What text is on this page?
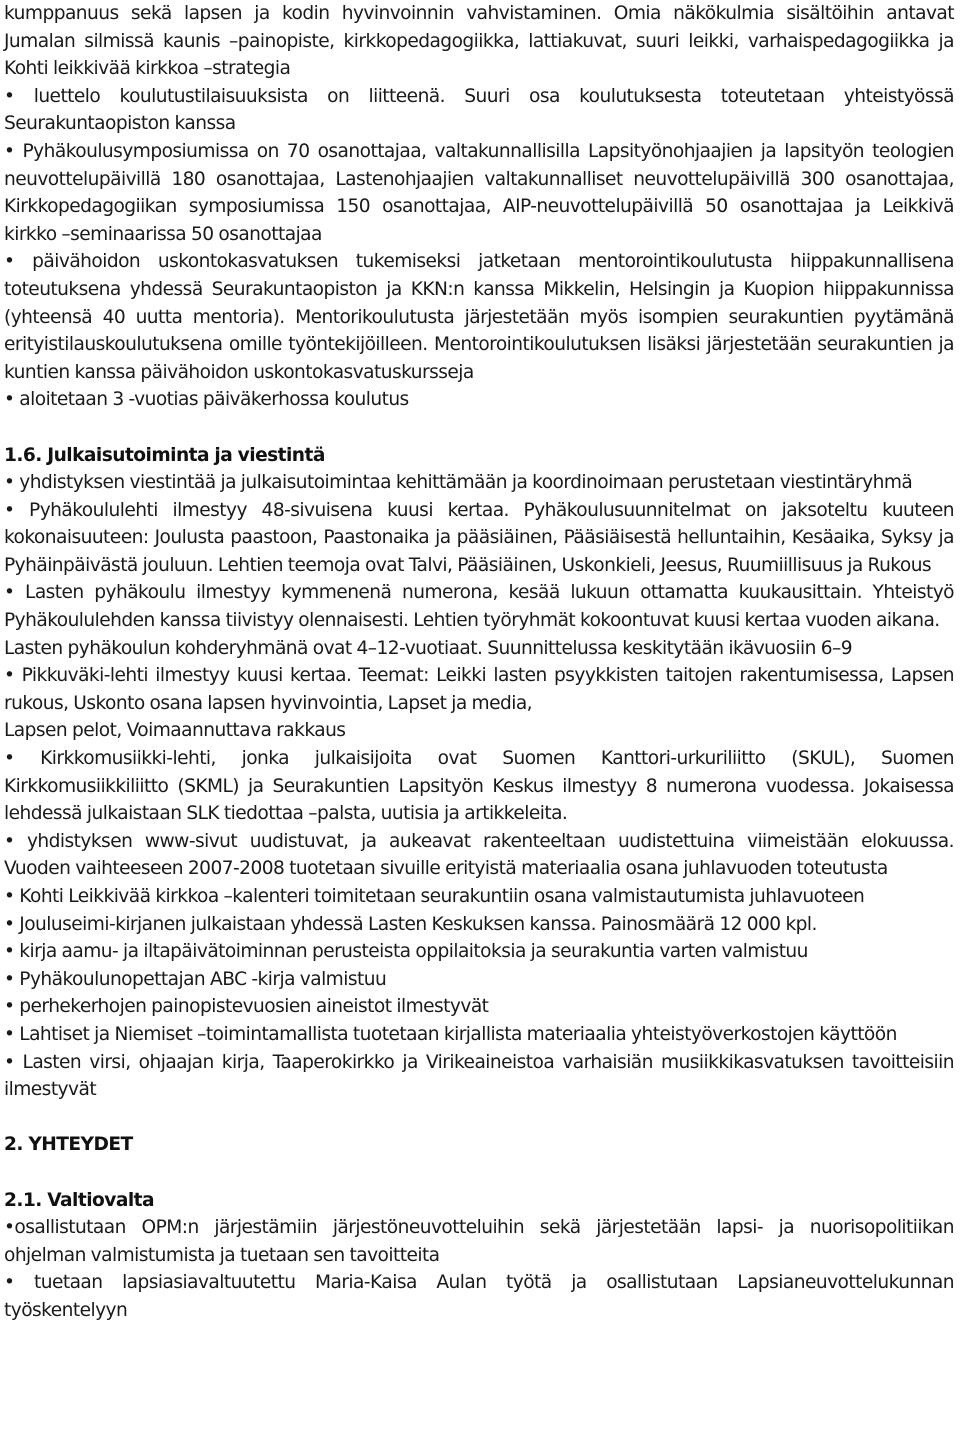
kumppanuus sekä lapsen ja kodin hyvinvoinnin vahvistaminen. Omia näkökulmia sisältöihin antavat Jumalan silmissä kaunis –painopiste, kirkkopedagogiikka, lattiakuvat, suuri leikki, varhaispedagogiikka ja Kohti leikkivää kirkkoa –strategia

• luettelo koulutustilaisuuksista on liitteenä. Suuri osa koulutuksesta toteutetaan yhteistyössä Seurakuntaopiston kanssa

• Pyhäkoulusymposiumissa on 70 osanottajaa, valtakunnallisilla Lapsityönohjaajien ja lapsityön teologien neuvottelupäivillä 180 osanottajaa, Lastenohjaajien valtakunnalliset neuvottelupäivillä 300 osanottajaa, Kirkkopedagogiikan symposiumissa 150 osanottajaa, AIP-neuvottelupäivillä 50 osanottajaa ja Leikkivä kirkko –seminaarissa 50 osanottajaa

• päivähoidon uskontokasvatuksen tukemiseksi jatketaan mentorointikoulutusta hiippakunnallisena toteutuksena yhdessä Seurakuntaopiston ja KKN:n kanssa Mikkelin, Helsingin ja Kuopion hiippakunnissa (yhteensä 40 uutta mentoria). Mentorikoulutusta järjestetään myös isompien seurakuntien pyytämänä erityistilauskoulutuksena omille työntekijöilleen. Mentorointikoulutuksen lisäksi järjestetään seurakuntien ja kuntien kanssa päivähoidon uskontokasvatuskursseja

• aloitetaan 3 -vuotias päiväkerhossa koulutus

1.6. Julkaisutoiminta ja viestintä

• yhdistyksen viestintää ja julkaisutoimintaa kehittämään ja koordinoimaan perustetaan viestintäryhmä

• Pyhäkoululehti ilmestyy 48-sivuisena kuusi kertaa. Pyhäkoulusuunnitelmat on jaksoteltu kuuteen kokonaisuuteen: Joulusta paastoon, Paastonaika ja pääsiäinen, Pääsiäisestä helluntaihin, Kesäaika, Syksy ja Pyhäinpäivästä jouluun. Lehtien teemoja ovat Talvi, Pääsiäinen, Uskonkieli, Jeesus, Ruumiillisuus ja Rukous

• Lasten pyhäkoulu ilmestyy kymmenenä numerona, kesää lukuun ottamatta kuukausittain. Yhteistyö Pyhäkoululehden kanssa tiivistyy olennaisesti. Lehtien työryhmät kokoontuvat kuusi kertaa vuoden aikana.

Lasten pyhäkoulun kohderyhmänä ovat 4–12-vuotiaat. Suunnittelussa keskitytään ikävuosiin 6–9

• Pikkuväki-lehti ilmestyy kuusi kertaa. Teemat: Leikki lasten psyykkisten taitojen rakentumisessa, Lapsen rukous, Uskonto osana lapsen hyvinvointia, Lapset ja media,

Lapsen pelot, Voimaannuttava rakkaus

• Kirkkomusiikki-lehti, jonka julkaisijoita ovat Suomen Kanttori-urkuriliitto (SKUL), Suomen Kirkkomusiikkiliitto (SKML) ja Seurakuntien Lapsityön Keskus ilmestyy 8 numerona vuodessa. Jokaisessa lehdessä julkaistaan SLK tiedottaa –palsta, uutisia ja artikkeleita.

• yhdistyksen www-sivut uudistuvat, ja aukeavat rakenteeltaan uudistettuina viimeistään elokuussa. Vuoden vaihteeseen 2007-2008 tuotetaan sivuille erityistä materiaalia osana juhlavuoden toteutusta

• Kohti Leikkivää kirkkoa –kalenteri toimitetaan seurakuntiin osana valmistautumista juhlavuoteen

• Jouluseimi-kirjanen julkaistaan yhdessä Lasten Keskuksen kanssa. Painosmäärä 12 000 kpl.

• kirja aamu- ja iltapäivätoiminnan perusteista oppilaitoksia ja seurakuntia varten valmistuu

• Pyhäkoulunopettajan ABC -kirja valmistuu

• perhekerhojen painopistevuosien aineistot ilmestyvät

• Lahtiset ja Niemiset –toimintamallista tuotetaan kirjallista materiaalia yhteistyöverkostojen käyttöön

• Lasten virsi, ohjaajan kirja, Taaperokirkko ja Virikeaineistoa varhaisiän musiikkikasvatuksen tavoitteisiin ilmestyvät

2. YHTEYDET

2.1. Valtiovalta

•osallistutaan OPM:n järjestämiin järjestöneuvotteluihin sekä järjestetään lapsi- ja nuorisopolitiikan ohjelman valmistumista ja tuetaan sen tavoitteita

• tuetaan lapsiasiavaltuutettu Maria-Kaisa Aulan työtä ja osallistutaan Lapsianeuvottelukunnan työskentelyyn
